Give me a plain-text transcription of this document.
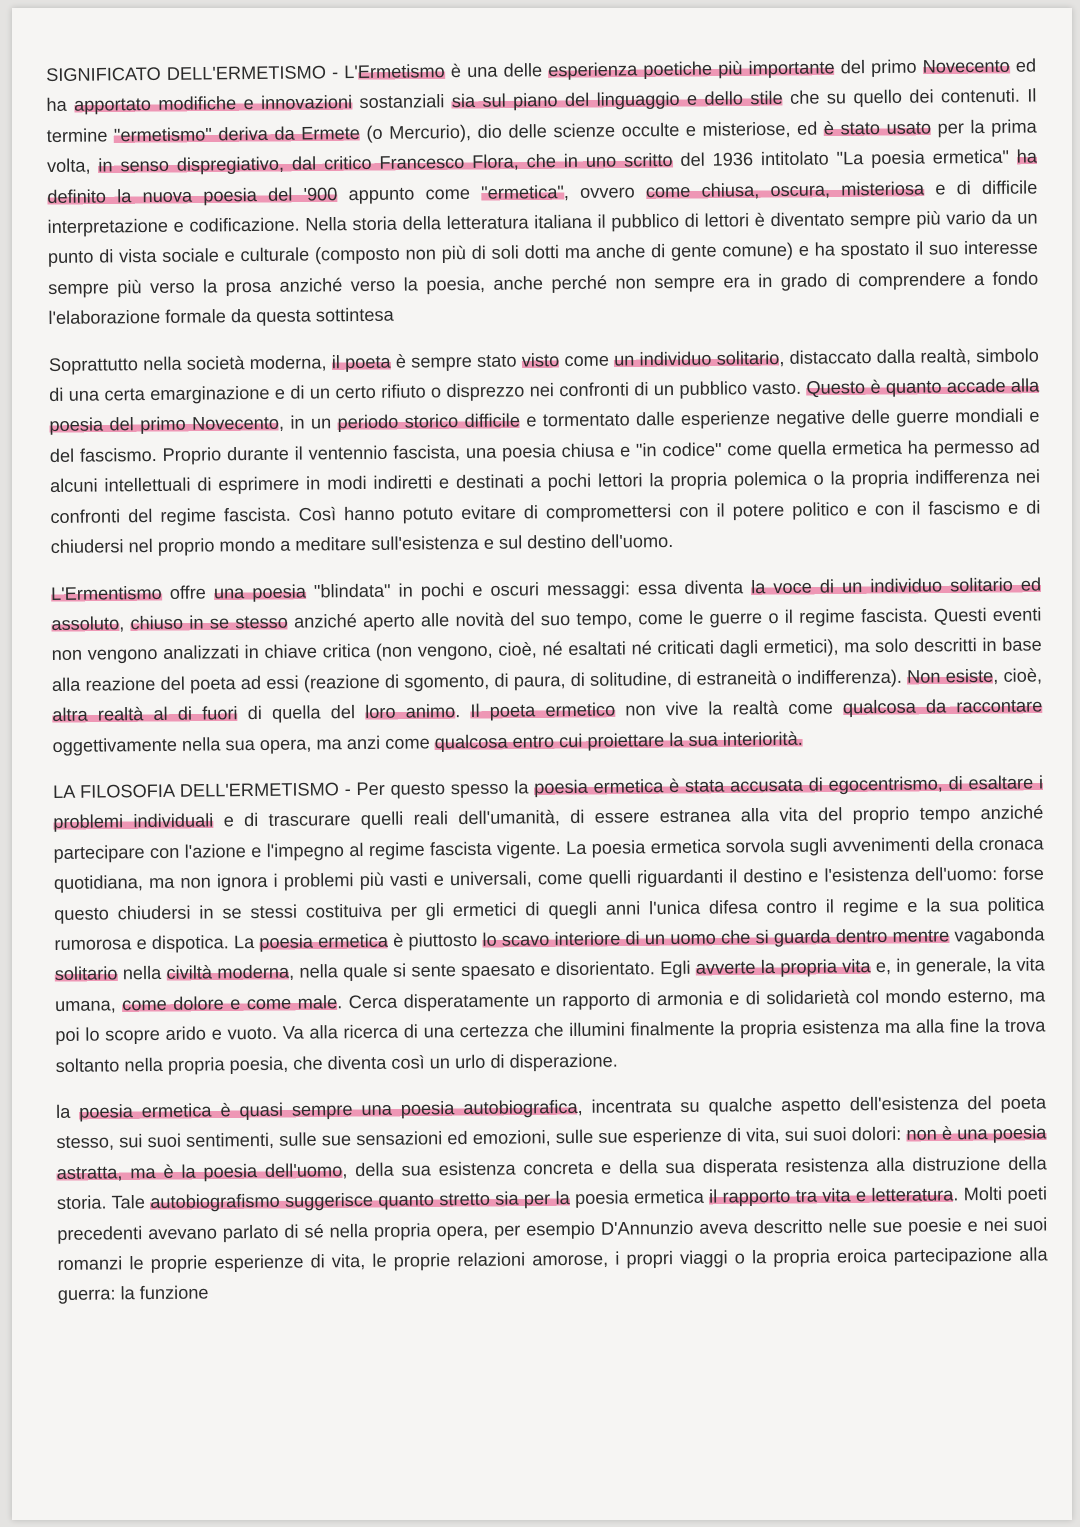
SIGNIFICATO DELL'ERMETISMO - L'Ermetismo è una delle esperienza poetiche più importante del primo Novecento ed ha apportato modifiche e innovazioni sostanziali sia sul piano del linguaggio e dello stile che su quello dei contenuti. Il termine "ermetismo" deriva da Ermete (o Mercurio), dio delle scienze occulte e misteriose, ed è stato usato per la prima volta, in senso dispregiativo, dal critico Francesco Flora, che in uno scritto del 1936 intitolato "La poesia ermetica" ha definito la nuova poesia del '900 appunto come "ermetica", ovvero come chiusa, oscura, misteriosa e di difficile interpretazione e codificazione. Nella storia della letteratura italiana il pubblico di lettori è diventato sempre più vario da un punto di vista sociale e culturale (composto non più di soli dotti ma anche di gente comune) e ha spostato il suo interesse sempre più verso la prosa anziché verso la poesia, anche perché non sempre era in grado di comprendere a fondo l'elaborazione formale da questa sottintesa

Soprattutto nella società moderna, il poeta è sempre stato visto come un individuo solitario, distaccato dalla realtà, simbolo di una certa emarginazione e di un certo rifiuto o disprezzo nei confronti di un pubblico vasto. Questo è quanto accade alla poesia del primo Novecento, in un periodo storico difficile e tormentato dalle esperienze negative delle guerre mondiali e del fascismo. Proprio durante il ventennio fascista, una poesia chiusa e "in codice" come quella ermetica ha permesso ad alcuni intellettuali di esprimere in modi indiretti e destinati a pochi lettori la propria polemica o la propria indifferenza nei confronti del regime fascista. Così hanno potuto evitare di compromettersi con il potere politico e con il fascismo e di chiudersi nel proprio mondo a meditare sull'esistenza e sul destino dell'uomo.

L'Ermentismo offre una poesia "blindata" in pochi e oscuri messaggi: essa diventa la voce di un individuo solitario ed assoluto, chiuso in se stesso anziché aperto alle novità del suo tempo, come le guerre o il regime fascista. Questi eventi non vengono analizzati in chiave critica (non vengono, cioè, né esaltati né criticati dagli ermetici), ma solo descritti in base alla reazione del poeta ad essi (reazione di sgomento, di paura, di solitudine, di estraneità o indifferenza). Non esiste, cioè, altra realtà al di fuori di quella del loro animo. Il poeta ermetico non vive la realtà come qualcosa da raccontare oggettivamente nella sua opera, ma anzi come qualcosa entro cui proiettare la sua interiorità.

LA FILOSOFIA DELL'ERMETISMO - Per questo spesso la poesia ermetica è stata accusata di egocentrismo, di esaltare i problemi individuali e di trascurare quelli reali dell'umanità, di essere estranea alla vita del proprio tempo anziché partecipare con l'azione e l'impegno al regime fascista vigente. La poesia ermetica sorvola sugli avvenimenti della cronaca quotidiana, ma non ignora i problemi più vasti e universali, come quelli riguardanti il destino e l'esistenza dell'uomo: forse questo chiudersi in se stessi costituiva per gli ermetici di quegli anni l'unica difesa contro il regime e la sua politica rumorosa e dispotica. La poesia ermetica è piuttosto lo scavo interiore di un uomo che si guarda dentro mentre vagabonda solitario nella civiltà moderna, nella quale si sente spaesato e disorientato. Egli avverte la propria vita e, in generale, la vita umana, come dolore e come male. Cerca disperatamente un rapporto di armonia e di solidarietà col mondo esterno, ma poi lo scopre arido e vuoto. Va alla ricerca di una certezza che illumini finalmente la propria esistenza ma alla fine la trova soltanto nella propria poesia, che diventa così un urlo di disperazione.

la poesia ermetica è quasi sempre una poesia autobiografica, incentrata su qualche aspetto dell'esistenza del poeta stesso, sui suoi sentimenti, sulle sue sensazioni ed emozioni, sulle sue esperienze di vita, sui suoi dolori: non è una poesia astratta, ma è la poesia dell'uomo, della sua esistenza concreta e della sua disperata resistenza alla distruzione della storia. Tale autobiografismo suggerisce quanto stretto sia per la poesia ermetica il rapporto tra vita e letteratura. Molti poeti precedenti avevano parlato di sé nella propria opera, per esempio D'Annunzio aveva descritto nelle sue poesie e nei suoi romanzi le proprie esperienze di vita, le proprie relazioni amorose, i propri viaggi o la propria eroica partecipazione alla guerra: la funzione
